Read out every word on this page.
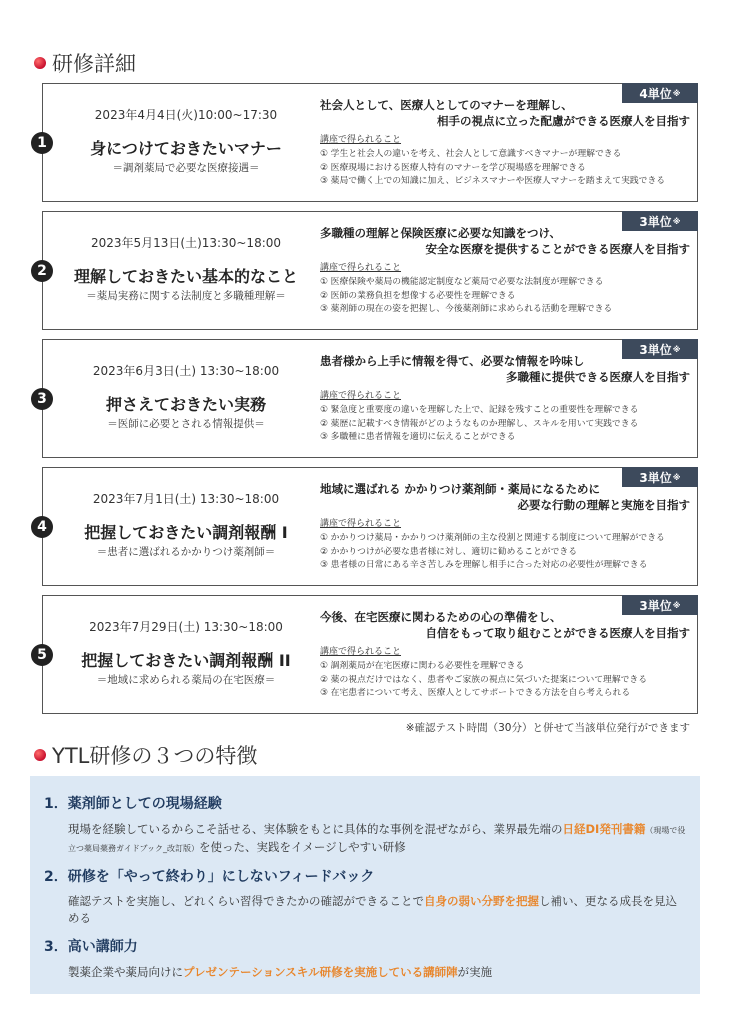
研修詳細
1
2023年4月4日(火)10:00~17:30
身につけておきたいマナー
＝調剤薬局で必要な医療接遇＝
4単位 ※
社会人として、医療人としてのマナーを理解し、
相手の視点に立った配慮ができる医療人を目指す
講座で得られること
① 学生と社会人の違いを考え、社会人として意識すべきマナーが理解できる
② 医療現場における医療人特有のマナーを学び現場感を理解できる
③ 薬局で働く上での知識に加え、ビジネスマナーや医療人マナーを踏まえて実践できる
2
2023年5月13日(土)13:30~18:00
理解しておきたい基本的なこと
＝薬局実務に関する法制度と多職種理解＝
3単位 ※
多職種の理解と保険医療に必要な知識をつけ、
安全な医療を提供することができる医療人を目指す
講座で得られること
① 医療保険や薬局の機能認定制度など薬局で必要な法制度が理解できる
② 医師の業務負担を想像する必要性を理解できる
③ 薬剤師の現在の姿を把握し、今後薬剤師に求められる活動を理解できる
3
2023年6月3日(土) 13:30~18:00
押さえておきたい実務
＝医師に必要とされる情報提供＝
3単位 ※
患者様から上手に情報を得て、必要な情報を吟味し
多職種に提供できる医療人を目指す
講座で得られること
① 緊急度と重要度の違いを理解した上で、記録を残すことの重要性を理解できる
② 薬歴に記載すべき情報がどのようなものか理解し、スキルを用いて実践できる
③ 多職種に患者情報を適切に伝えることができる
4
2023年7月1日(土) 13:30~18:00
把握しておきたい調剤報酬 I
＝患者に選ばれるかかりつけ薬剤師＝
3単位 ※
地域に選ばれる かかりつけ薬剤師・薬局になるために
必要な行動の理解と実施を目指す
講座で得られること
① かかりつけ薬局・かかりつけ薬剤師の主な役割と関連する制度について理解ができる
② かかりつけが必要な患者様に対し、適切に勧めることができる
③ 患者様の日常にある辛さ苦しみを理解し相手に合った対応の必要性が理解できる
5
2023年7月29日(土) 13:30~18:00
把握しておきたい調剤報酬 II
＝地域に求められる薬局の在宅医療＝
3単位 ※
今後、在宅医療に関わるための心の準備をし、
自信をもって取り組むことができる医療人を目指す
講座で得られること
① 調剤薬局が在宅医療に関わる必要性を理解できる
② 薬の視点だけではなく、患者やご家族の視点に気づいた提案について理解できる
③ 在宅患者について考え、医療人としてサポートできる方法を自ら考えられる
※確認テスト時間（30分）と併せて当該単位発行ができます
YTL研修の３つの特徴
1．薬剤師としての現場経験
現場を経験しているからこそ話せる、実体験をもとに具体的な事例を混ぜながら、業界最先端の日経DI発刊書籍（現場で役立つ薬局薬務ガイドブック_改訂版）を使った、実践をイメージしやすい研修
2．研修を「やって終わり」にしないフィードバック
確認テストを実施し、どれくらい習得できたかの確認ができることで自身の弱い分野を把握し補い、更なる成長を見込める
3．高い講師力
製薬企業や薬局向けにプレゼンテーションスキル研修を実施している講師陣が実施
